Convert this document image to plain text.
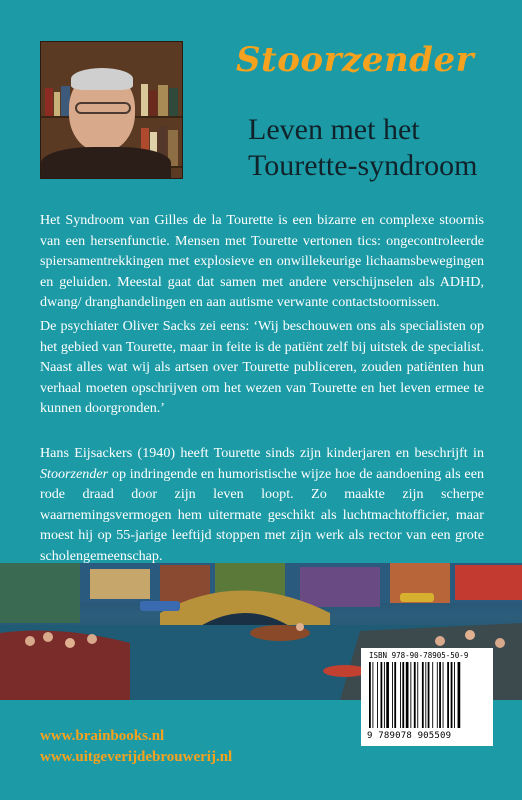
Stoorzender
Leven met het
Tourette-syndroom

Het Syndroom van Gilles de la Tourette is een bizarre en complexe stoornis van een hersenfunctie. Mensen met Tourette vertonen tics: ongecontroleerde spiersamentrekkingen met explosieve en onwillekeurige lichaamsbewegingen en geluiden. Meestal gaat dat samen met andere verschijnselen als ADHD, dwang/ dranghandelingen en aan autisme verwante contactstoornissen.

De psychiater Oliver Sacks zei eens: ‘Wij beschouwen ons als specialisten op het gebied van Tourette, maar in feite is de patiënt zelf bij uitstek de specialist. Naast alles wat wij als artsen over Tourette publiceren, zouden patiënten hun verhaal moeten opschrijven om het wezen van Tourette en het leven ermee te kunnen doorgronden.’

Hans Eijsackers (1940) heeft Tourette sinds zijn kinderjaren en beschrijft in Stoorzender op indringende en humoristische wijze hoe de aandoening als een rode draad door zijn leven loopt. Zo maakte zijn scherpe waarnemingsvermogen hem uitermate geschikt als luchtmachtofficier, maar moest hij op 55-jarige leeftijd stoppen met zijn werk als rector van een grote scholengemeenschap.

ISBN 978-90-78905-50-9
9 789078 905509
www.brainbooks.nl
www.uitgeverijdebrouwerij.nl
